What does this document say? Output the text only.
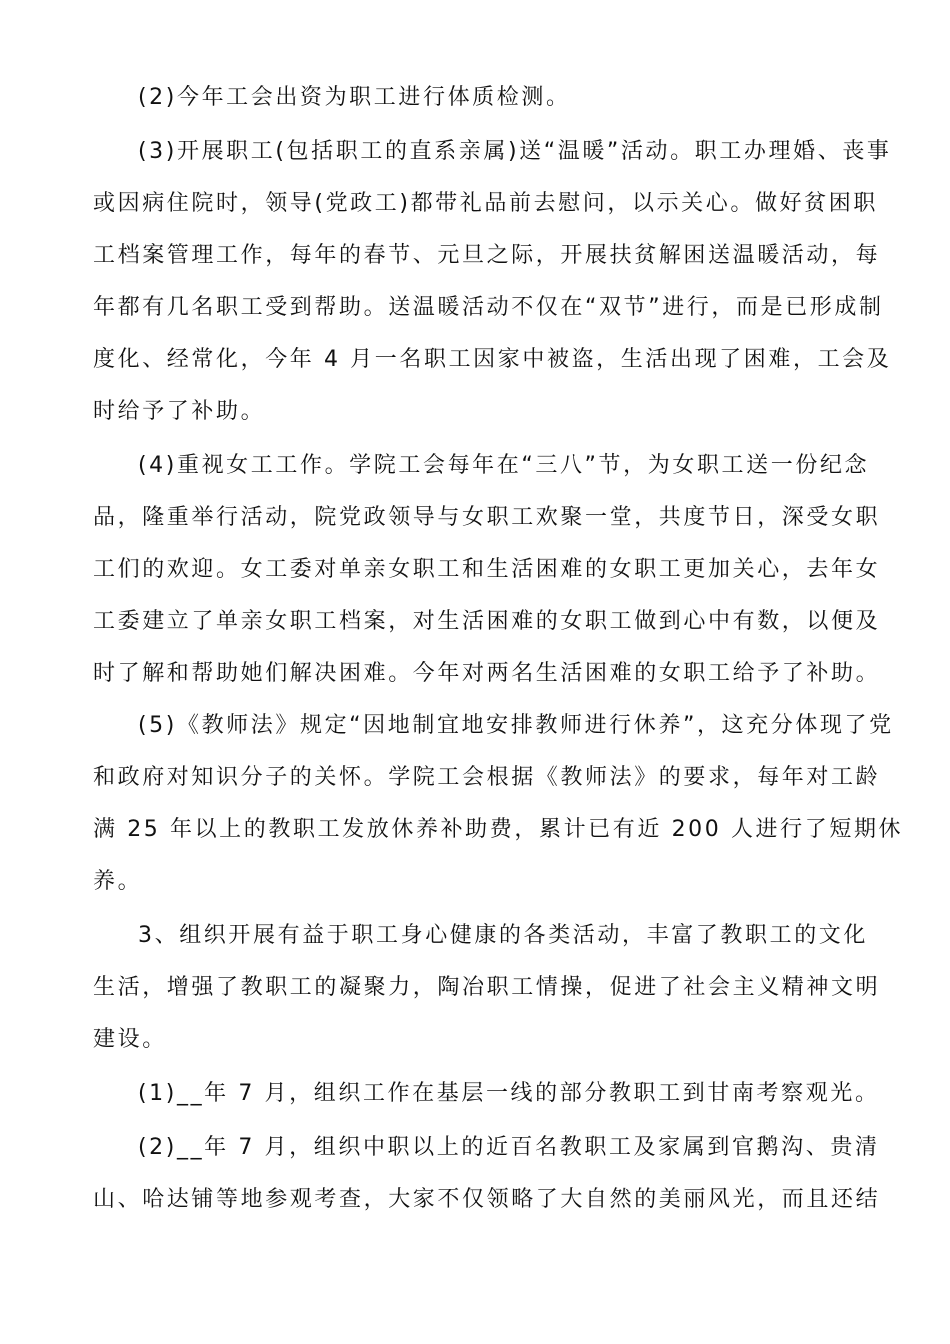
(2)今年工会出资为职工进行体质检测。
(3)开展职工(包括职工的直系亲属)送“温暖”活动。职工办理婚、丧事
或因病住院时，领导(党政工)都带礼品前去慰问，以示关心。做好贫困职
工档案管理工作，每年的春节、元旦之际，开展扶贫解困送温暖活动，每
年都有几名职工受到帮助。送温暖活动不仅在“双节”进行，而是已形成制
度化、经常化，今年 4 月一名职工因家中被盗，生活出现了困难，工会及
时给予了补助。
(4)重视女工工作。学院工会每年在“三八”节，为女职工送一份纪念
品，隆重举行活动，院党政领导与女职工欢聚一堂，共度节日，深受女职
工们的欢迎。女工委对单亲女职工和生活困难的女职工更加关心，去年女
工委建立了单亲女职工档案，对生活困难的女职工做到心中有数，以便及
时了解和帮助她们解决困难。今年对两名生活困难的女职工给予了补助。
(5)《教师法》规定“因地制宜地安排教师进行休养”，这充分体现了党
和政府对知识分子的关怀。学院工会根据《教师法》的要求，每年对工龄
满 25 年以上的教职工发放休养补助费，累计已有近 200 人进行了短期休
养。
3、组织开展有益于职工身心健康的各类活动，丰富了教职工的文化
生活，增强了教职工的凝聚力，陶冶职工情操，促进了社会主义精神文明
建设。
(1)__年 7 月，组织工作在基层一线的部分教职工到甘南考察观光。
(2)__年 7 月，组织中职以上的近百名教职工及家属到官鹅沟、贵清
山、哈达铺等地参观考查，大家不仅领略了大自然的美丽风光，而且还结
